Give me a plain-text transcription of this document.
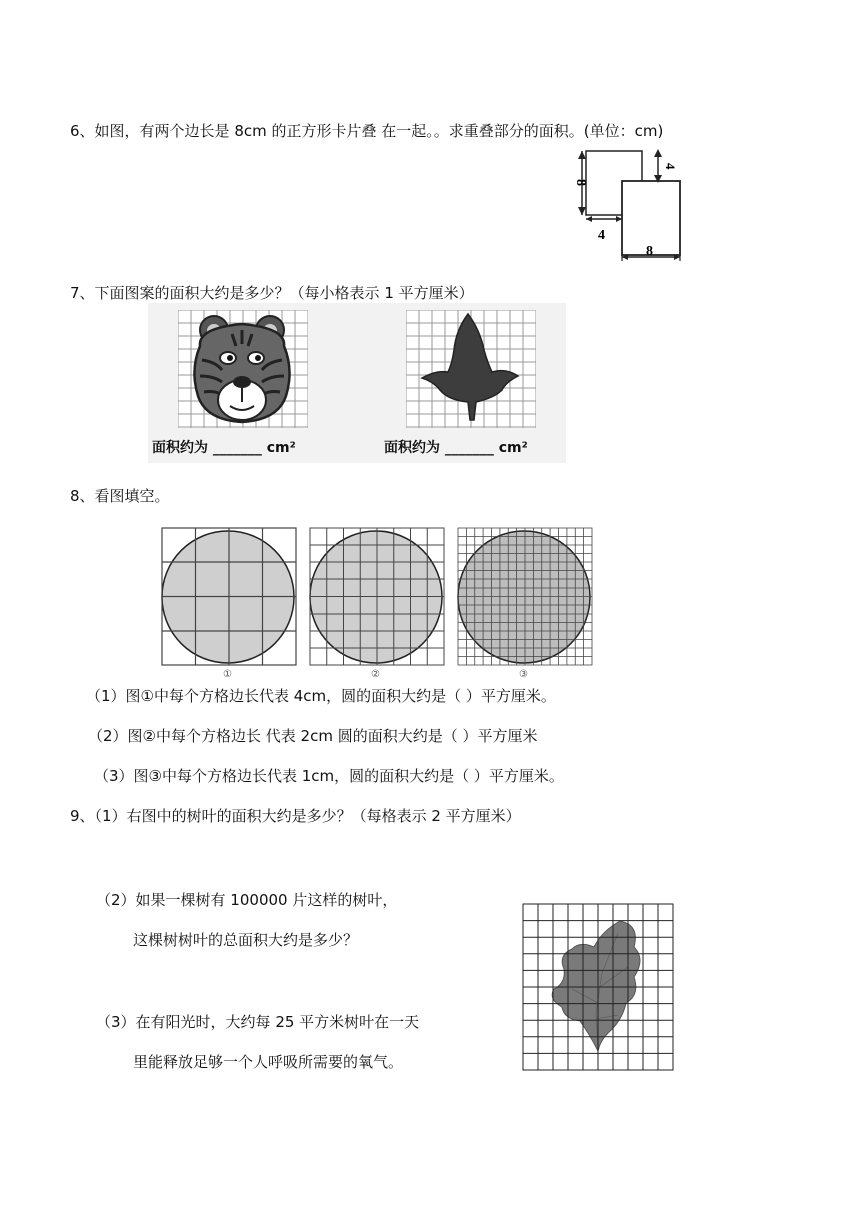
6、如图，有两个边长是 8cm 的正方形卡片叠 在一起。。求重叠部分的面积。(单位：cm)
8
4
4
8
7、下面图案的面积大约是多少？（每小格表示 1 平方厘米）
面积约为 _______ cm²	面积约为 _______ cm²
8、看图填空。
①	②	③
（1）图①中每个方格边长代表 4cm，圆的面积大约是（ ）平方厘米。
（2）图②中每个方格边长 代表 2cm 圆的面积大约是（ ）平方厘米
（3）图③中每个方格边长代表 1cm，圆的面积大约是（ ）平方厘米。
9、（1）右图中的树叶的面积大约是多少？（每格表示 2 平方厘米）
（2）如果一棵树有 100000 片这样的树叶，
这棵树树叶的总面积大约是多少？
（3）在有阳光时，大约每 25 平方米树叶在一天
里能释放足够一个人呼吸所需要的氧气。
